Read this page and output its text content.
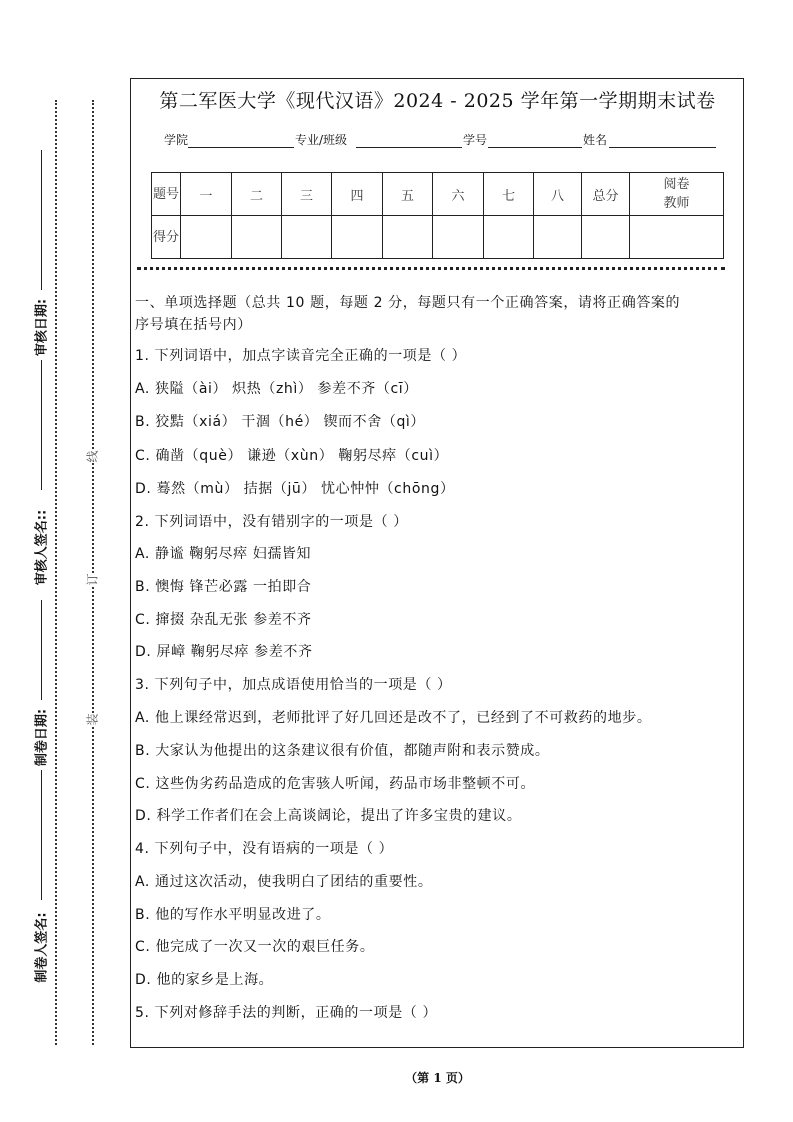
审核日期:
审核人签名::
制卷日期:
制卷人签名:
线
订
装
第二军医大学《现代汉语》2024 - 2025 学年第一学期期末试卷
学院	专业/班级	学号	姓名
题号	一	二	三	四	五	六	七	八	总分	阅卷教师
得分										
一、单项选择题（总共 10 题，每题 2 分，每题只有一个正确答案，请将正确答案的
序号填在括号内）
1. 下列词语中，加点字读音完全正确的一项是（ ）
A. 狭隘（ài） 炽热（zhì） 参差不齐（cī）
B. 狡黠（xiá） 干涸（hé） 锲而不舍（qì）
C. 确凿（què） 谦逊（xùn） 鞠躬尽瘁（cuì）
D. 蓦然（mù） 拮据（jū） 忧心忡忡（chōng）
2. 下列词语中，没有错别字的一项是（ ）
A. 静谧 鞠躬尽瘁 妇孺皆知
B. 懊悔 锋芒必露 一拍即合
C. 撺掇 杂乱无张 参差不齐
D. 屏嶂 鞠躬尽瘁 参差不齐
3. 下列句子中，加点成语使用恰当的一项是（ ）
A. 他上课经常迟到，老师批评了好几回还是改不了，已经到了不可救药的地步。
B. 大家认为他提出的这条建议很有价值，都随声附和表示赞成。
C. 这些伪劣药品造成的危害骇人听闻，药品市场非整顿不可。
D. 科学工作者们在会上高谈阔论，提出了许多宝贵的建议。
4. 下列句子中，没有语病的一项是（ ）
A. 通过这次活动，使我明白了团结的重要性。
B. 他的写作水平明显改进了。
C. 他完成了一次又一次的艰巨任务。
D. 他的家乡是上海。
5. 下列对修辞手法的判断，正确的一项是（ ）
（第 1 页）
